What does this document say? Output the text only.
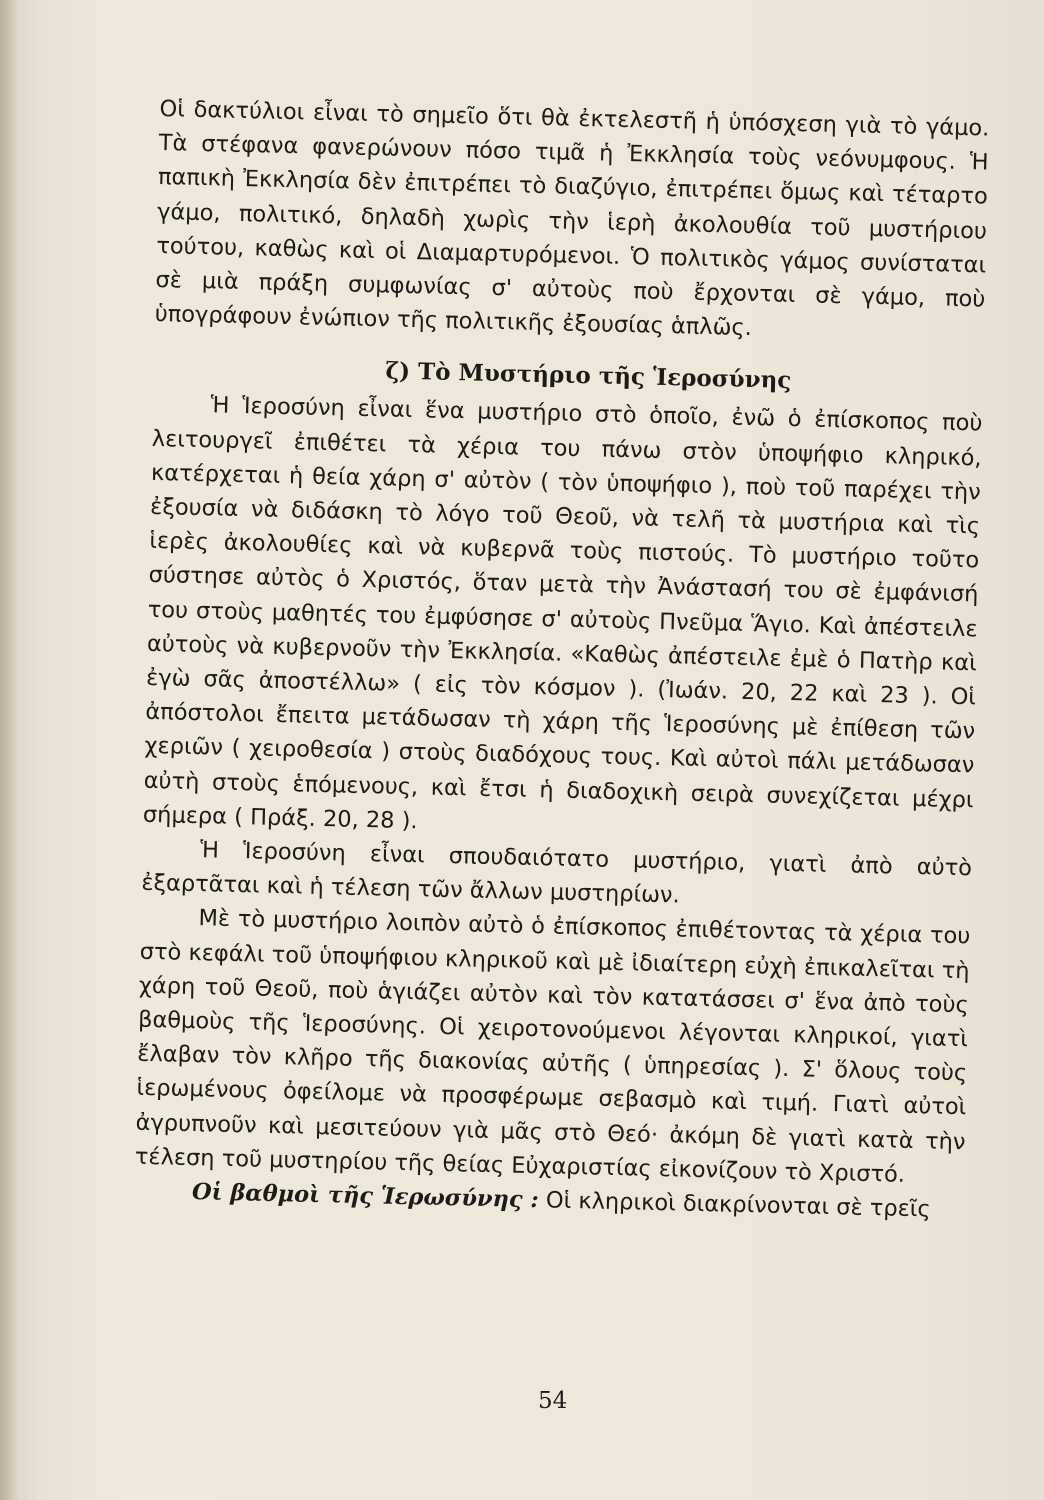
Οἱ δακτύλιοι εἶναι τὸ σημεῖο ὅτι θὰ ἐκτελεστῆ ἡ ὑπόσχεση γιὰ τὸ γάμο. Τὰ στέφανα φανερώνουν πόσο τιμᾶ ἡ Ἐκκλησία τοὺς νεόνυμφους. Ἡ παπικὴ Ἐκκλησία δὲν ἐπιτρέπει τὸ διαζύγιο, ἐπιτρέπει ὅμως καὶ τέταρτο γάμο, πολιτικό, δηλαδὴ χωρὶς τὴν ἱερὴ ἀκολουθία τοῦ μυστήριου τούτου, καθὼς καὶ οἱ Διαμαρτυρόμενοι. Ὁ πολιτικὸς γάμος συνίσταται σὲ μιὰ πράξη συμφωνίας σ' αὐτοὺς ποὺ ἔρχονται σὲ γάμο, ποὺ ὑπογράφουν ἐνώπιον τῆς πολιτικῆς ἐξουσίας ἁπλῶς.

ζ) Τὸ Μυστήριο τῆς Ἱεροσύνης

Ἡ Ἱεροσύνη εἶναι ἕνα μυστήριο στὸ ὁποῖο, ἐνῶ ὁ ἐπίσκοπος ποὺ λειτουργεῖ ἐπιθέτει τὰ χέρια του πάνω στὸν ὑποψήφιο κληρικό, κατέρχεται ἡ θεία χάρη σ' αὐτὸν ( τὸν ὑποψήφιο ), ποὺ τοῦ παρέχει τὴν ἐξουσία νὰ διδάσκη τὸ λόγο τοῦ Θεοῦ, νὰ τελῆ τὰ μυστήρια καὶ τὶς ἱερὲς ἀκολουθίες καὶ νὰ κυβερνᾶ τοὺς πιστούς. Τὸ μυστήριο τοῦτο σύστησε αὐτὸς ὁ Χριστός, ὅταν μετὰ τὴν Ἀνάστασή του σὲ ἐμφάνισή του στοὺς μαθητές του ἐμφύσησε σ' αὐτοὺς Πνεῦμα Ἅγιο. Καὶ ἀπέστειλε αὐτοὺς νὰ κυβερνοῦν τὴν Ἐκκλησία. «Καθὼς ἀπέστειλε ἐμὲ ὁ Πατὴρ καὶ ἐγὼ σᾶς ἀποστέλλω» ( εἰς τὸν κόσμον ). (Ἰωάν. 20, 22 καὶ 23 ). Οἱ ἀπόστολοι ἔπειτα μετάδωσαν τὴ χάρη τῆς Ἱεροσύνης μὲ ἐπίθεση τῶν χεριῶν ( χειροθεσία ) στοὺς διαδόχους τους. Καὶ αὐτοὶ πάλι μετάδωσαν αὐτὴ στοὺς ἑπόμενους, καὶ ἔτσι ἡ διαδοχικὴ σειρὰ συνεχίζεται μέχρι σήμερα ( Πράξ. 20, 28 ).

Ἡ Ἱεροσύνη εἶναι σπουδαιότατο μυστήριο, γιατὶ ἀπὸ αὐτὸ ἐξαρτᾶται καὶ ἡ τέλεση τῶν ἄλλων μυστηρίων.

Μὲ τὸ μυστήριο λοιπὸν αὐτὸ ὁ ἐπίσκοπος ἐπιθέτοντας τὰ χέρια του στὸ κεφάλι τοῦ ὑποψήφιου κληρικοῦ καὶ μὲ ἰδιαίτερη εὐχὴ ἐπικαλεῖται τὴ χάρη τοῦ Θεοῦ, ποὺ ἁγιάζει αὐτὸν καὶ τὸν κατατάσσει σ' ἕνα ἀπὸ τοὺς βαθμοὺς τῆς Ἱεροσύνης. Οἱ χειροτονούμενοι λέγονται κληρικοί, γιατὶ ἔλαβαν τὸν κλῆρο τῆς διακονίας αὐτῆς ( ὑπηρεσίας ). Σ' ὅλους τοὺς ἱερωμένους ὀφείλομε νὰ προσφέρωμε σεβασμὸ καὶ τιμή. Γιατὶ αὐτοὶ ἀγρυπνοῦν καὶ μεσιτεύουν γιὰ μᾶς στὸ Θεό· ἀκόμη δὲ γιατὶ κατὰ τὴν τέλεση τοῦ μυστηρίου τῆς θείας Εὐχαριστίας εἰκονίζουν τὸ Χριστό.

Οἱ βαθμοὶ τῆς Ἱερωσύνης : Οἱ κληρικοὶ διακρίνονται σὲ τρεῖς

54
